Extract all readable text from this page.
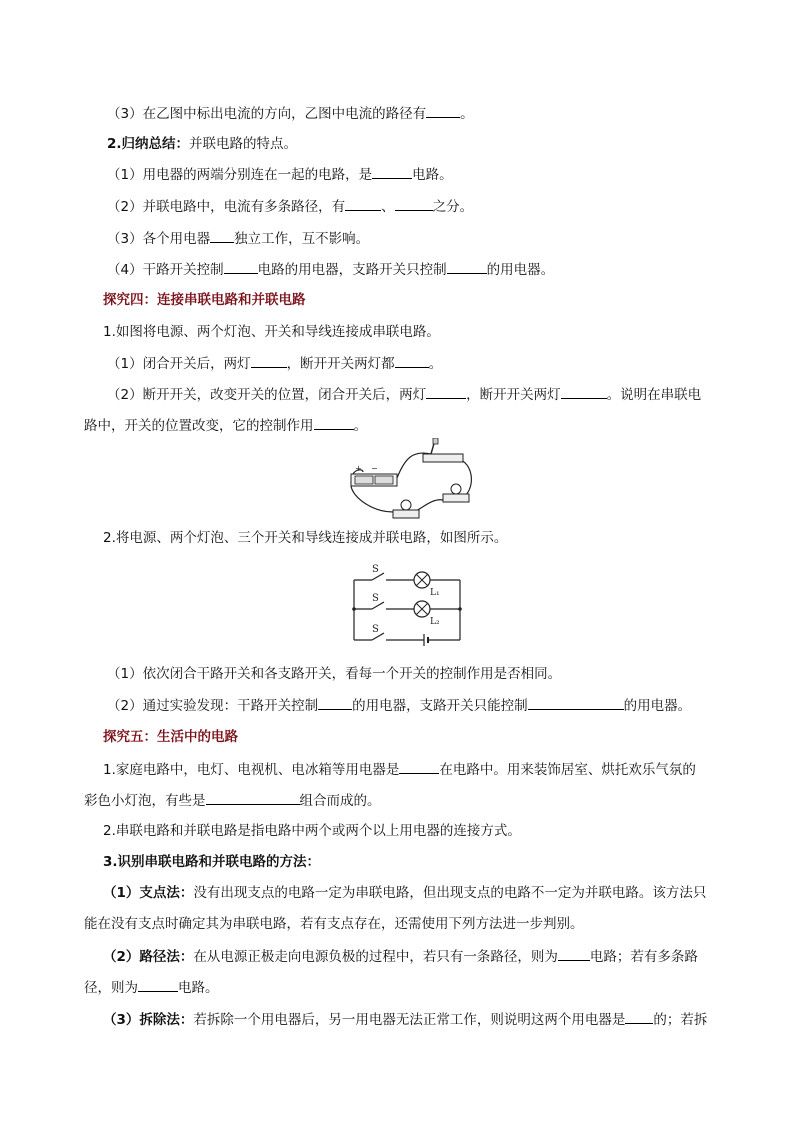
（3）在乙图中标出电流的方向，乙图中电流的路径有	。
2.归纳总结：并联电路的特点。
（1）用电器的两端分别连在一起的电路，是	电路。
（2）并联电路中，电流有多条路径，有	、	之分。
（3）各个用电器 独立工作，互不影响。
（4）干路开关控制	电路的用电器，支路开关只控制	的用电器。
探究四：连接串联电路和并联电路
1.如图将电源、两个灯泡、开关和导线连接成串联电路。
（1）闭合开关后，两灯	，断开开关两灯都	。
（2）断开开关，改变开关的位置，闭合开关后，两灯	，断开开关两灯	。说明在串联电
路中，开关的位置改变，它的控制作用	。
+ −
2.将电源、两个灯泡、三个开关和导线连接成并联电路，如图所示。
S
L₁
S
L₂
S
（1）依次闭合干路开关和各支路开关，看每一个开关的控制作用是否相同。
（2）通过实验发现：干路开关控制	的用电器，支路开关只能控制	的用电器。
探究五：生活中的电路
1.家庭电路中，电灯、电视机、电冰箱等用电器是	在电路中。用来装饰居室、烘托欢乐气氛的
彩色小灯泡，有些是	组合而成的。
2.串联电路和并联电路是指电路中两个或两个以上用电器的连接方式。
3.识别串联电路和并联电路的方法：
（1）支点法：没有出现支点的电路一定为串联电路，但出现支点的电路不一定为并联电路。该方法只
能在没有支点时确定其为串联电路，若有支点存在，还需使用下列方法进一步判别。
（2）路径法：在从电源正极走向电源负极的过程中，若只有一条路径，则为 电路；若有多条路
径，则为	电路。
（3）拆除法：若拆除一个用电器后，另一用电器无法正常工作，则说明这两个用电器是 的；若拆
